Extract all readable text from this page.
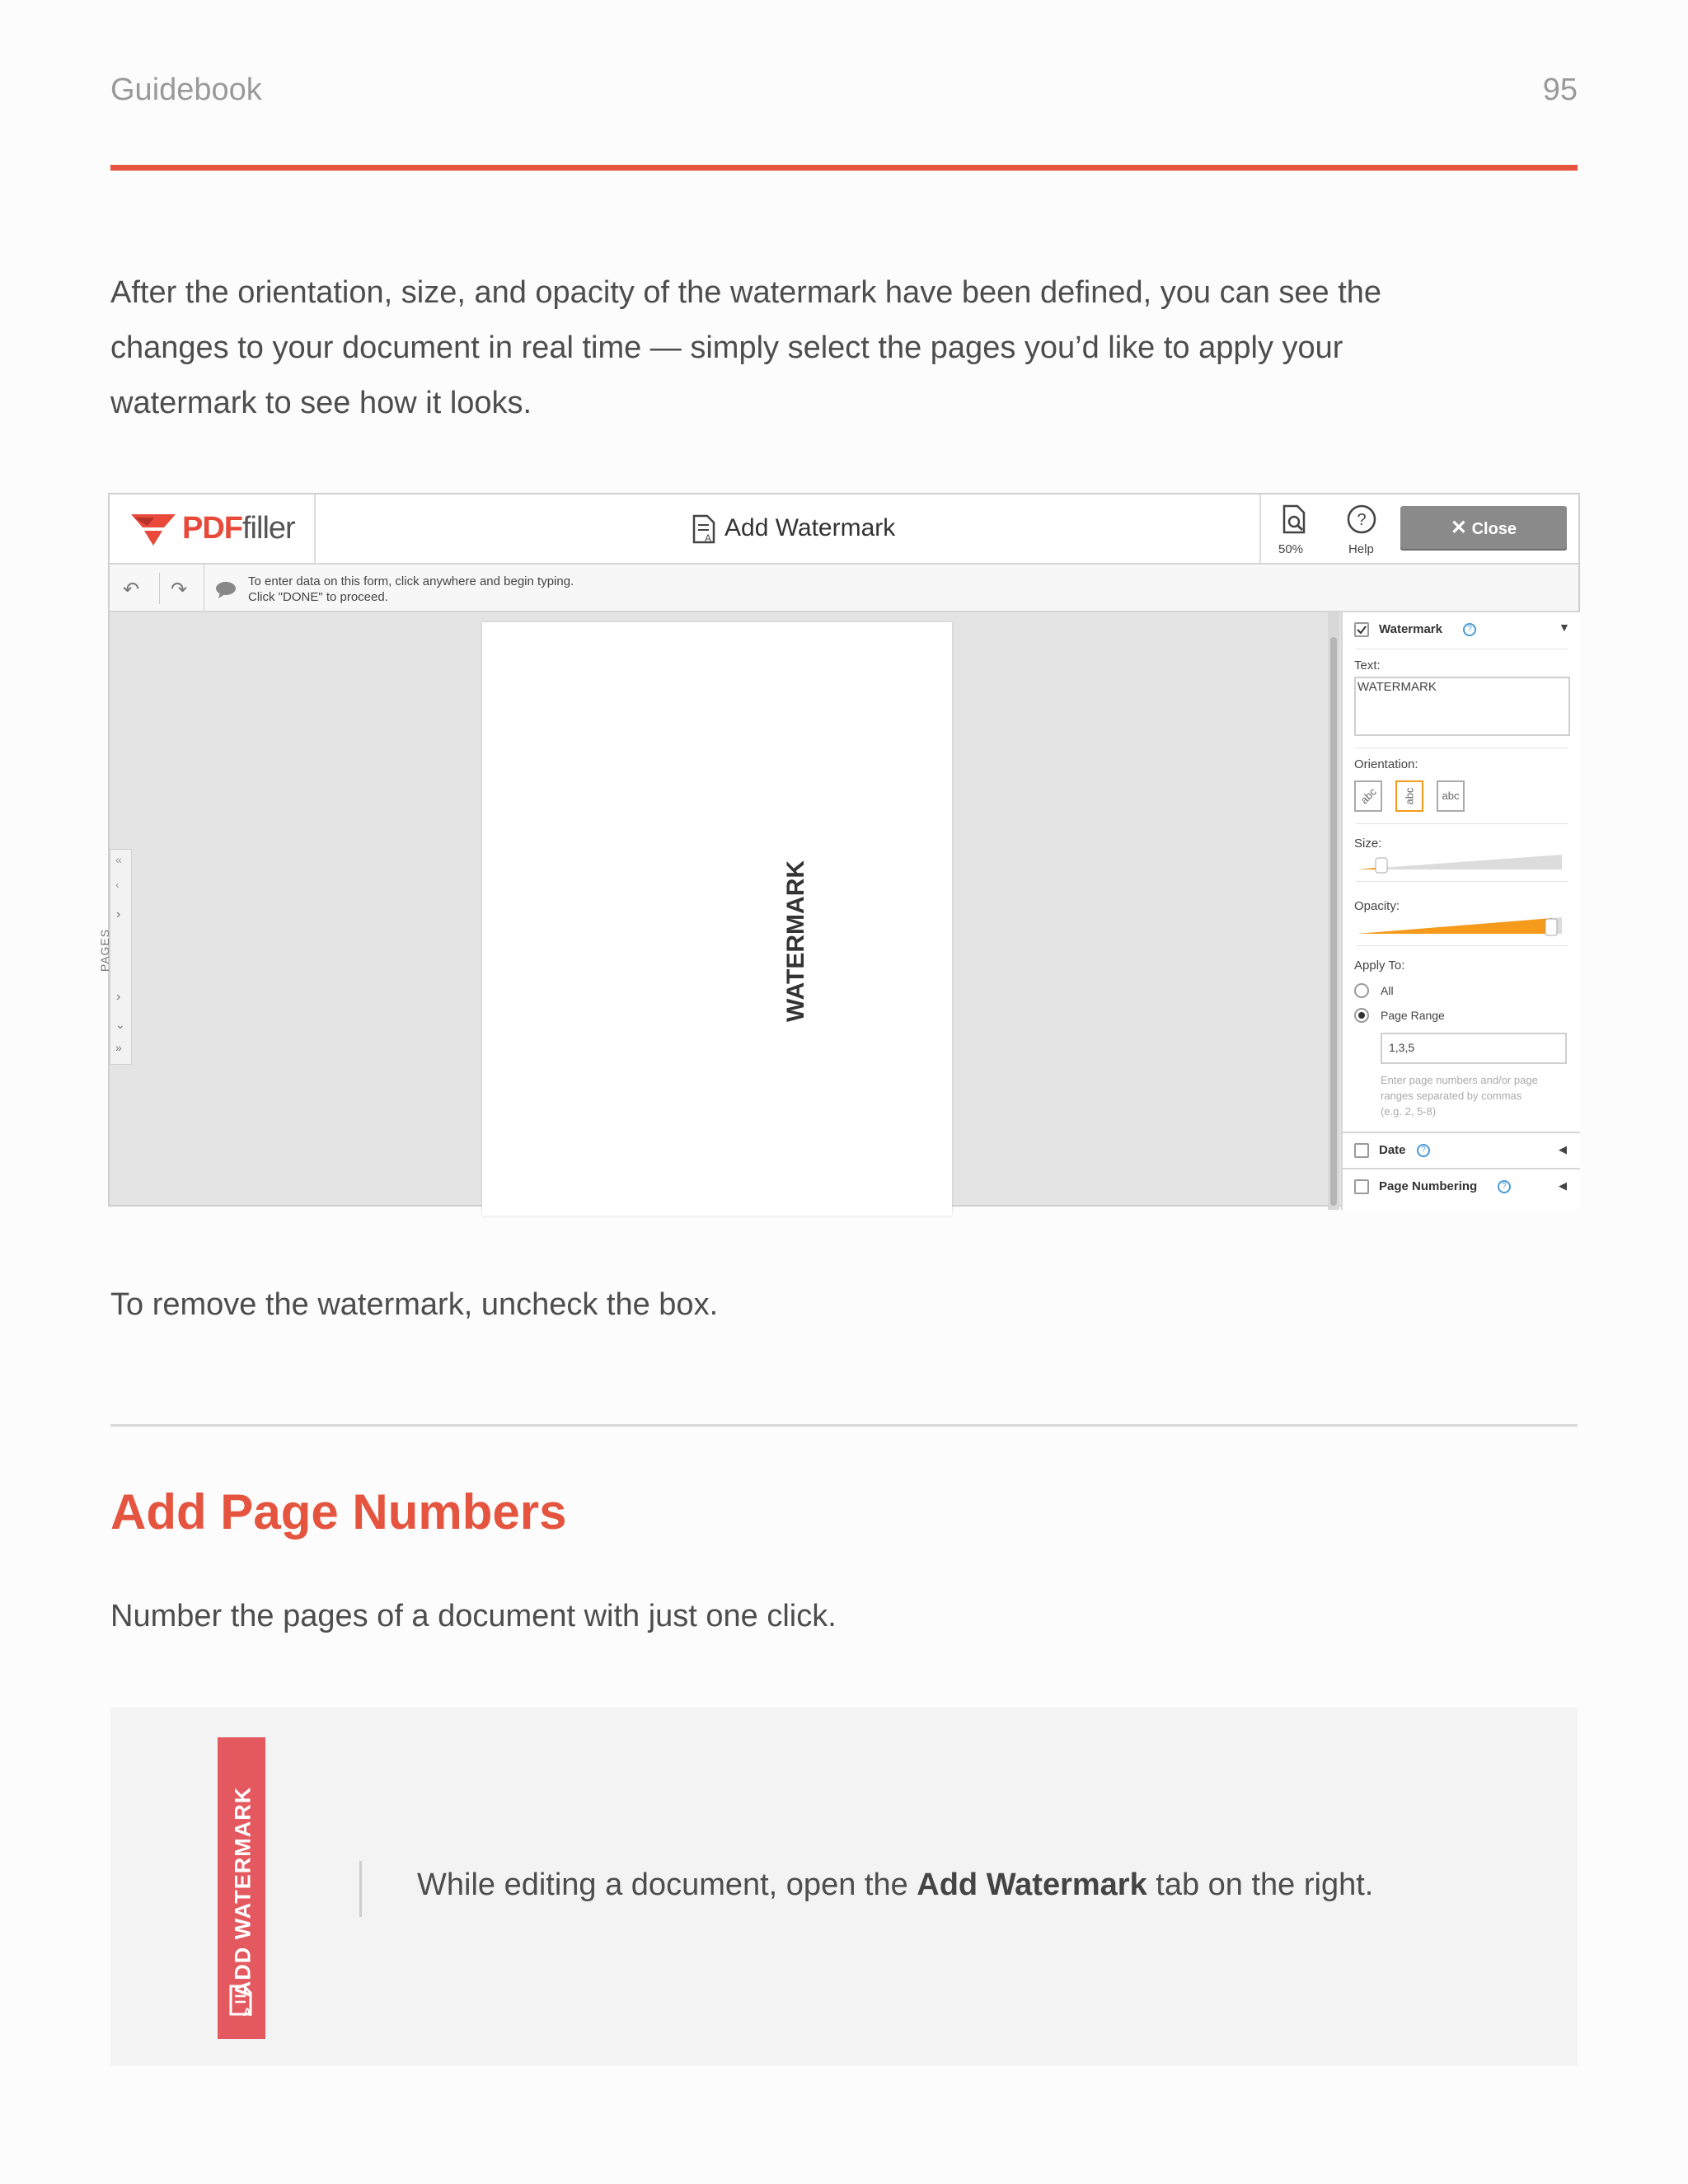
Guidebook	95
After the orientation, size, and opacity of the watermark have been defined, you can see the
changes to your document in real time — simply select the pages you’d like to apply your
watermark to see how it looks.
PDFfiller	A Add Watermark
50%
?
Help
✕ Close
↶ ↷	To enter data on this form, click anywhere and begin typing.
Click "DONE" to proceed.
WATERMARK
«
‹
›
›
⌄
»
PAGES
Watermark	?	▼
Text:
WATERMARK
Orientation:
abc	abc	abc
Size:
Opacity:
Apply To:
All
Page Range
1,3,5
Enter page numbers and/or page
ranges separated by commas
(e.g. 2, 5-8)
Date	?	◀
Page Numbering	?	◀
To remove the watermark, uncheck the box.
Add Page Numbers
Number the pages of a document with just one click.
ADD WATERMARK
A
While editing a document, open the Add Watermark tab on the right.
